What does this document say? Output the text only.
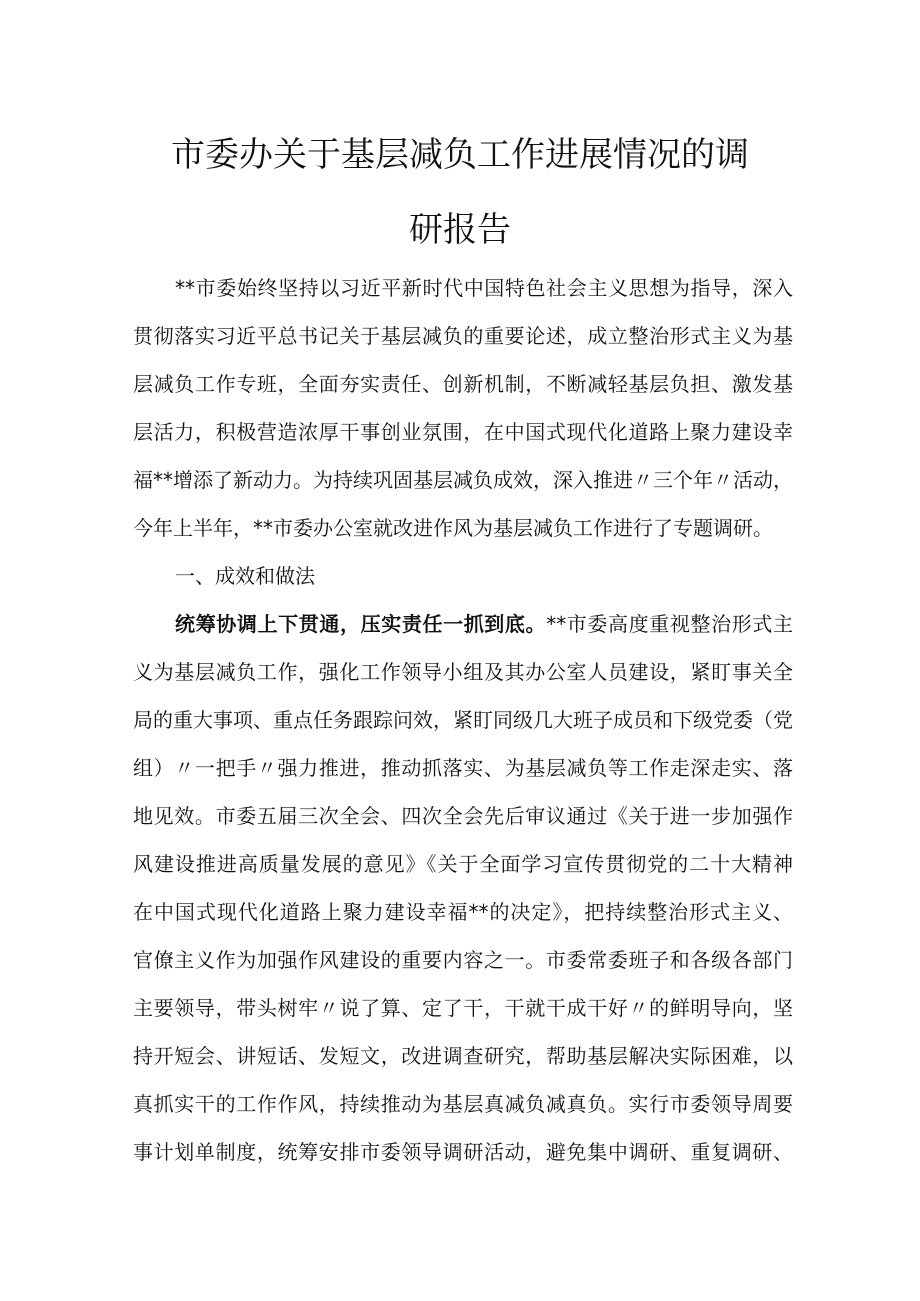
市委办关于基层减负工作进展情况的调
研报告
**市委始终坚持以习近平新时代中国特色社会主义思想为指导，深入
贯彻落实习近平总书记关于基层减负的重要论述，成立整治形式主义为基
层减负工作专班，全面夯实责任、创新机制，不断减轻基层负担、激发基
层活力，积极营造浓厚干事创业氛围，在中国式现代化道路上聚力建设幸
福**增添了新动力。为持续巩固基层减负成效，深入推进〃三个年〃活动，
今年上半年，**市委办公室就改进作风为基层减负工作进行了专题调研。
一、成效和做法
统筹协调上下贯通，压实责任一抓到底。**市委高度重视整治形式主
义为基层减负工作，强化工作领导小组及其办公室人员建设，紧盯事关全
局的重大事项、重点任务跟踪问效，紧盯同级几大班子成员和下级党委（党
组）〃一把手〃强力推进，推动抓落实、为基层减负等工作走深走实、落
地见效。市委五届三次全会、四次全会先后审议通过《关于进一步加强作
风建设推进高质量发展的意见》《关于全面学习宣传贯彻党的二十大精神
在中国式现代化道路上聚力建设幸福**的决定》，把持续整治形式主义、
官僚主义作为加强作风建设的重要内容之一。市委常委班子和各级各部门
主要领导，带头树牢〃说了算、定了干，干就干成干好〃的鲜明导向，坚
持开短会、讲短话、发短文，改进调查研究，帮助基层解决实际困难，以
真抓实干的工作作风，持续推动为基层真减负减真负。实行市委领导周要
事计划单制度，统筹安排市委领导调研活动，避免集中调研、重复调研、
